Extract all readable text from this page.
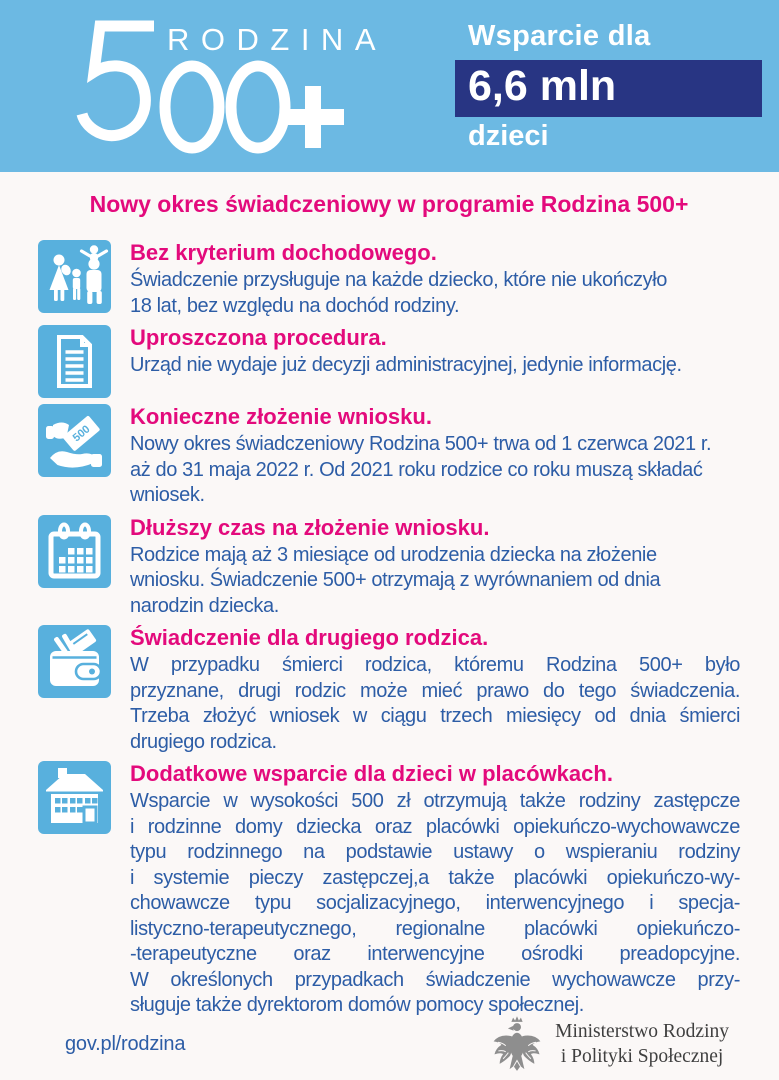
RODZINA	Wsparcie dla
6,6 mln
dzieci
Nowy okres świadczeniowy w programie Rodzina 500+
Bez kryterium dochodowego.
Świadczenie przysługuje na każde dziecko, które nie ukończyło
18 lat, bez względu na dochód rodziny.
Uproszczona procedura.
Urząd nie wydaje już decyzji administracyjnej, jedynie informację.
500
Konieczne złożenie wniosku.
Nowy okres świadczeniowy Rodzina 500+ trwa od 1 czerwca 2021 r.
aż do 31 maja 2022 r. Od 2021 roku rodzice co roku muszą składać
wniosek.
Dłuższy czas na złożenie wniosku.
Rodzice mają aż 3 miesiące od urodzenia dziecka na złożenie
wniosku. Świadczenie 500+ otrzymają z wyrównaniem od dnia
narodzin dziecka.
Świadczenie dla drugiego rodzica.
W przypadku śmierci rodzica, któremu Rodzina 500+ było
przyznane, drugi rodzic może mieć prawo do tego świadczenia.
Trzeba złożyć wniosek w ciągu trzech miesięcy od dnia śmierci
drugiego rodzica.
Dodatkowe wsparcie dla dzieci w placówkach.
Wsparcie w wysokości 500 zł otrzymują także rodziny zastępcze
i rodzinne domy dziecka oraz placówki opiekuńczo-wychowawcze
typu rodzinnego na podstawie ustawy o wspieraniu rodziny
i systemie pieczy zastępczej,a także placówki opiekuńczo-wy-
chowawcze typu socjalizacyjnego, interwencyjnego i specja-
listyczno-terapeutycznego, regionalne placówki opiekuńczo-
-terapeutyczne oraz interwencyjne ośrodki preadopcyjne.
W określonych przypadkach świadczenie wychowawcze przy-
sługuje także dyrektorom domów pomocy społecznej.
gov.pl/rodzina
Ministerstwo Rodziny
i Polityki Społecznej
